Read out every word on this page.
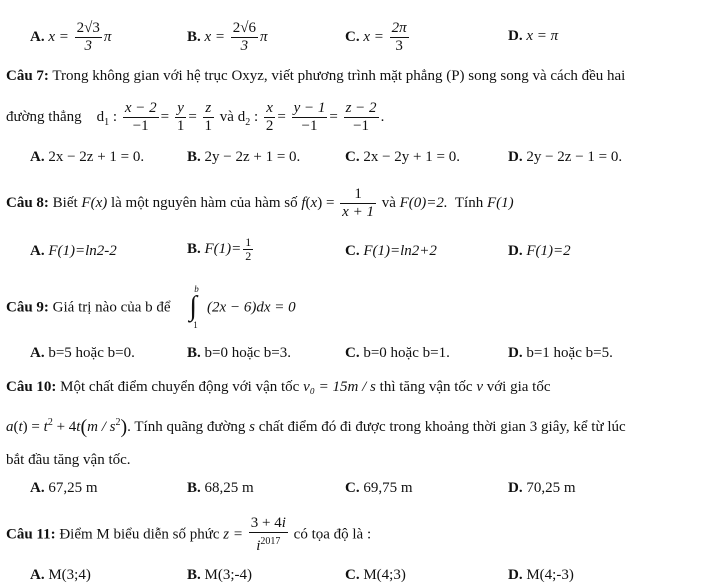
A. $x = \frac{2√3}{3}$ π	B. $x = \frac{2√6}{3}$ π	C. $x = \frac{2\pi}{3}$	D. x = π
Câu 7: Trong không gian với hệ trục Oxyz, viết phương trình mặt phẳng (P) song song và cách đều hai
đường thẳng $d_1$ : $\frac{x - 2}{-1} = \frac{y}{1} = \frac{z}{1}$ và $d_2$ : $\frac{x}{2} = \frac{y - 1}{-1} = \frac{z - 2}{-1}$ .
A. 2x − 2z + 1 = 0.	B. 2y − 2z + 1 = 0.	C. 2x − 2y + 1 = 0.	D. 2y − 2z − 1 = 0.
Câu 8: Biết F(x) là một nguyên hàm của hàm số $f(x) = \frac{1}{x + 1}$ và F(0)=2. Tính F(1)
A. F(1)=ln2-2	B. $F(1)= \frac{1}{2}$	C. F(1)=ln2+2	D. F(1)=2
Câu 9: Giá trị nào của b để
b
∫
1
(2x − 6)dx = 0
A. b=5 hoặc b=0.	B. b=0 hoặc b=3.	C. b=0 hoặc b=1.	D. b=1 hoặc b=5.
Câu 10: Một chất điểm chuyển động với vận tốc v₀ = 15m / s thì tăng vận tốc v với gia tốc
$a(t) = t^2 + 4t(m / s^2)$. Tính quãng đường s chất điểm đó đi được trong khoảng thời gian 3 giây, kể từ lúc
bắt đầu tăng vận tốc.
A. 67,25 m	B. 68,25 m	C. 69,75 m	D. 70,25 m
Câu 11: Điểm M biểu diễn số phức $z = \frac{3 + 4i}{i^{2017}}$ có tọa độ là :
A. M(3;4)	B. M(3;-4)	C. M(4;3)	D. M(4;-3)
